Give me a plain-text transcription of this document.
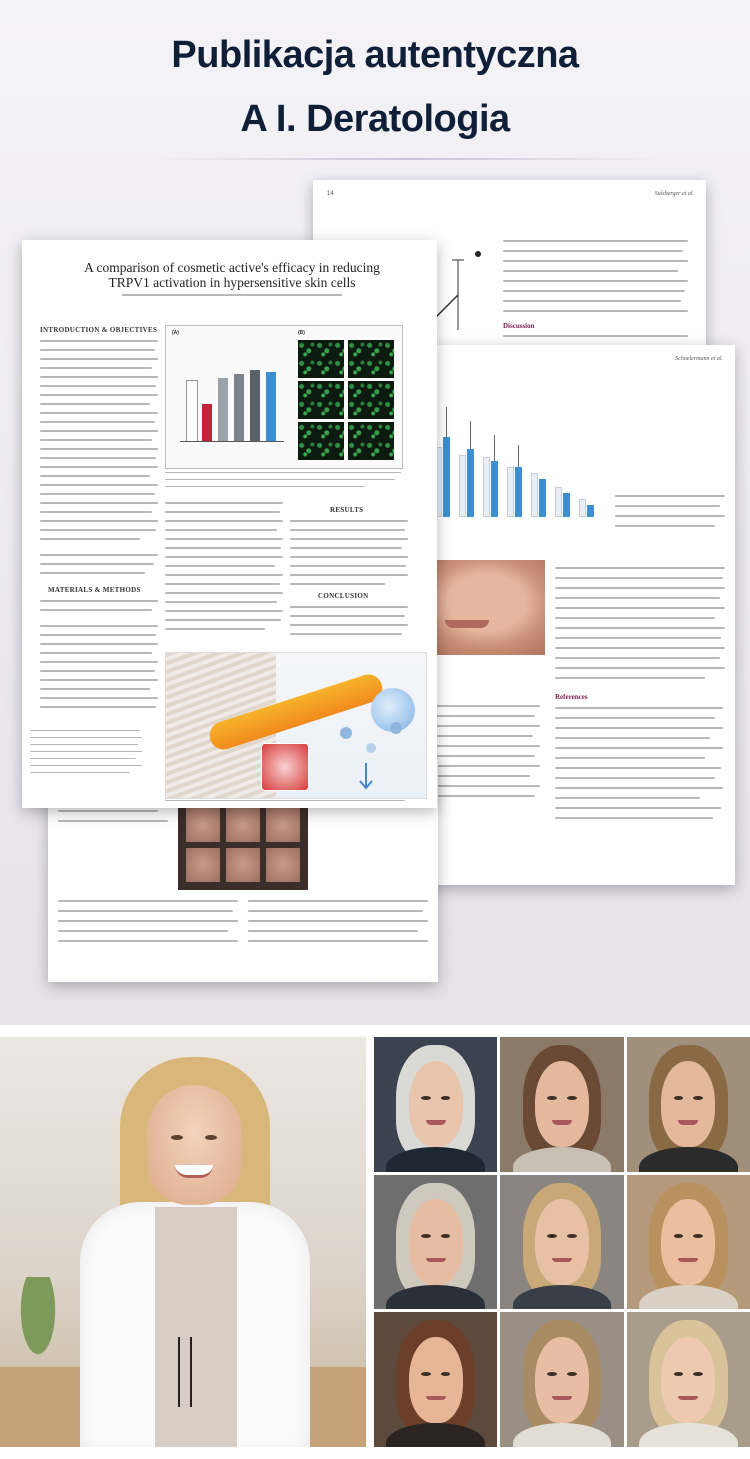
Publikacja autentyczna
A I. Deratologia
14	Sulzberger et al.
Discussion
Schoelermann et al.
References
A comparison of cosmetic active's efficacy in reducing TRPV1 activation in hypersensitive skin cells
INTRODUCTION & OBJECTIVES
MATERIALS & METHODS
(A)	(B)
RESULTS
CONCLUSION
